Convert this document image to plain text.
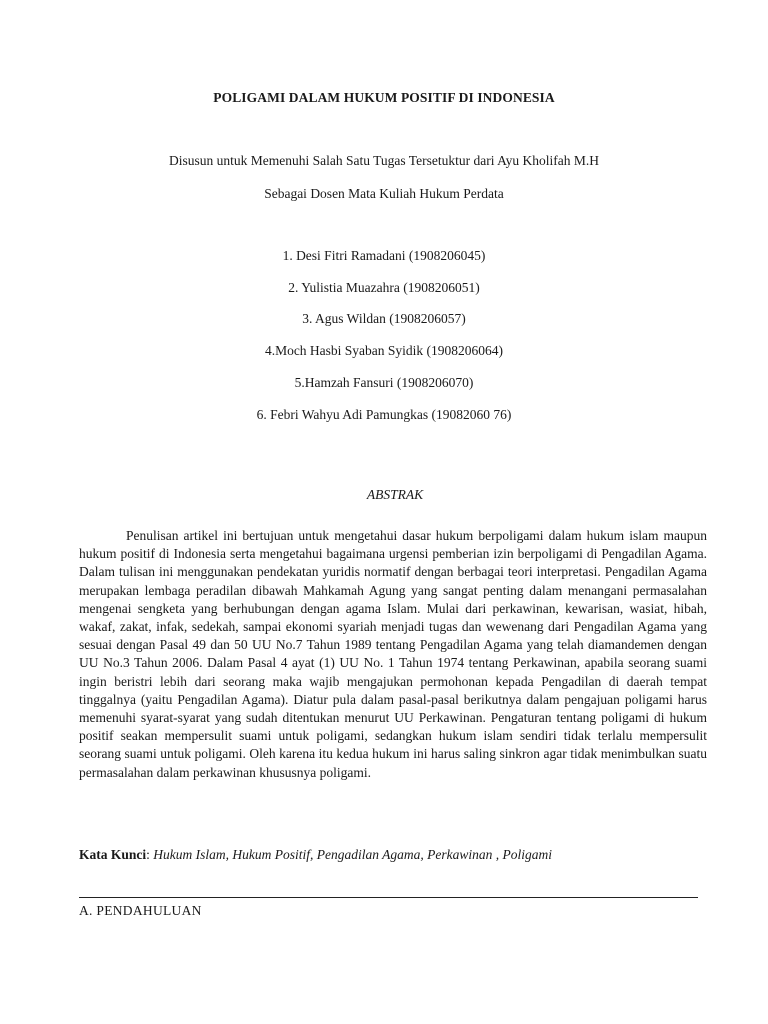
POLIGAMI DALAM HUKUM POSITIF DI INDONESIA
Disusun untuk Memenuhi Salah Satu Tugas Tersetuktur dari Ayu Kholifah M.H
Sebagai Dosen Mata Kuliah Hukum Perdata
1. Desi Fitri Ramadani (1908206045)
2. Yulistia Muazahra (1908206051)
3. Agus Wildan (1908206057)
4.Moch Hasbi Syaban Syidik (1908206064)
5.Hamzah Fansuri (1908206070)
6. Febri Wahyu Adi Pamungkas (19082060 76)
ABSTRAK

Penulisan artikel ini bertujuan untuk mengetahui dasar hukum berpoligami dalam hukum islam maupun hukum positif di Indonesia serta mengetahui bagaimana urgensi pemberian izin berpoligami di Pengadilan Agama. Dalam tulisan ini menggunakan pendekatan yuridis normatif dengan berbagai teori interpretasi. Pengadilan Agama merupakan lembaga peradilan dibawah Mahkamah Agung yang sangat penting dalam menangani permasalahan mengenai sengketa yang berhubungan dengan agama Islam. Mulai dari perkawinan, kewarisan, wasiat, hibah, wakaf, zakat, infak, sedekah, sampai ekonomi syariah menjadi tugas dan wewenang dari Pengadilan Agama yang sesuai dengan Pasal 49 dan 50 UU No.7 Tahun 1989 tentang Pengadilan Agama yang telah diamandemen dengan UU No.3 Tahun 2006. Dalam Pasal 4 ayat (1) UU No. 1 Tahun 1974 tentang Perkawinan, apabila seorang suami ingin beristri lebih dari seorang maka wajib mengajukan permohonan kepada Pengadilan di daerah tempat tinggalnya (yaitu Pengadilan Agama). Diatur pula dalam pasal-pasal berikutnya dalam pengajuan poligami harus memenuhi syarat-syarat yang sudah ditentukan menurut UU Perkawinan. Pengaturan tentang poligami di hukum positif seakan mempersulit suami untuk poligami, sedangkan hukum islam sendiri tidak terlalu mempersulit seorang suami untuk poligami. Oleh karena itu kedua hukum ini harus saling sinkron agar tidak menimbulkan suatu permasalahan dalam perkawinan khususnya poligami.

Kata Kunci: Hukum Islam, Hukum Positif, Pengadilan Agama, Perkawinan , Poligami
A. PENDAHULUAN
